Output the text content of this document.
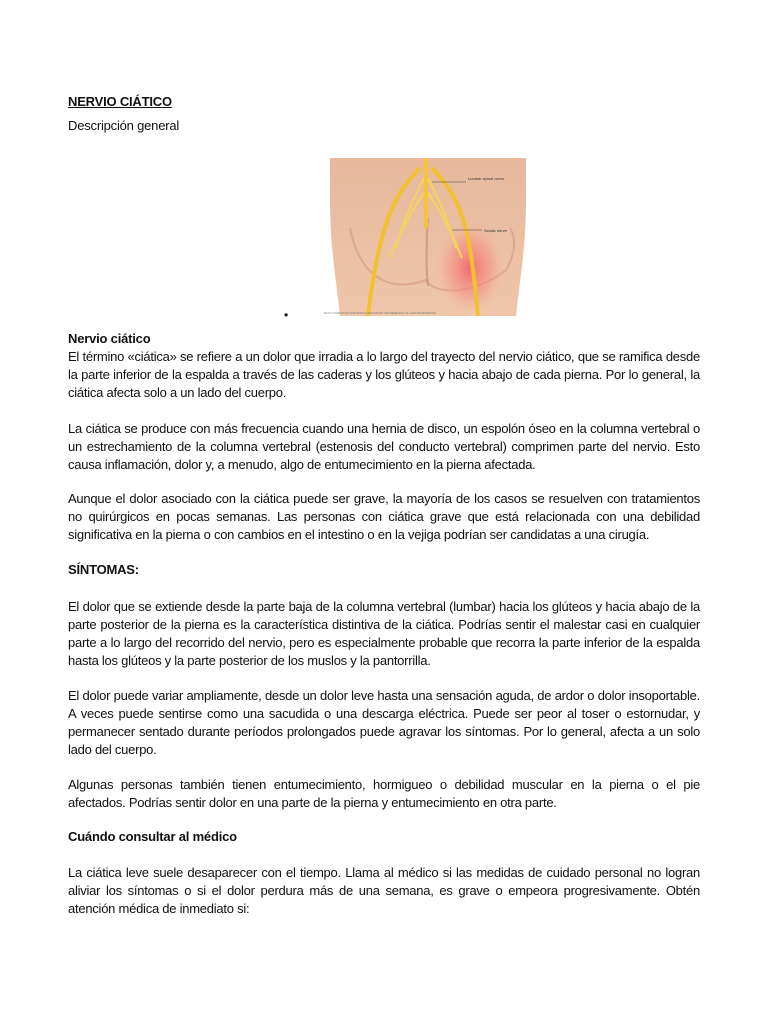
NERVIO CIÁTICO
Descripción general
Lumbar spinal nerve
Sciatic nerve
MAYO FOUNDATION FOR MEDICAL EDUCATION AND RESEARCH. ALL RIGHTS RESERVED.
•
Nervio ciático

El término «ciática» se refiere a un dolor que irradia a lo largo del trayecto del nervio ciático, que se ramifica desde la parte inferior de la espalda a través de las caderas y los glúteos y hacia abajo de cada pierna. Por lo general, la ciática afecta solo a un lado del cuerpo.

La ciática se produce con más frecuencia cuando una hernia de disco, un espolón óseo en la columna vertebral o un estrechamiento de la columna vertebral (estenosis del conducto vertebral) comprimen parte del nervio. Esto causa inflamación, dolor y, a menudo, algo de entumecimiento en la pierna afectada.

Aunque el dolor asociado con la ciática puede ser grave, la mayoría de los casos se resuelven con tratamientos no quirúrgicos en pocas semanas. Las personas con ciática grave que está relacionada con una debilidad significativa en la pierna o con cambios en el intestino o en la vejiga podrían ser candidatas a una cirugía.

SÍNTOMAS:

El dolor que se extiende desde la parte baja de la columna vertebral (lumbar) hacia los glúteos y hacia abajo de la parte posterior de la pierna es la característica distintiva de la ciática. Podrías sentir el malestar casi en cualquier parte a lo largo del recorrido del nervio, pero es especialmente probable que recorra la parte inferior de la espalda hasta los glúteos y la parte posterior de los muslos y la pantorrilla.

El dolor puede variar ampliamente, desde un dolor leve hasta una sensación aguda, de ardor o dolor insoportable. A veces puede sentirse como una sacudida o una descarga eléctrica. Puede ser peor al toser o estornudar, y permanecer sentado durante períodos prolongados puede agravar los síntomas. Por lo general, afecta a un solo lado del cuerpo.

Algunas personas también tienen entumecimiento, hormigueo o debilidad muscular en la pierna o el pie afectados. Podrías sentir dolor en una parte de la pierna y entumecimiento en otra parte.

Cuándo consultar al médico

La ciática leve suele desaparecer con el tiempo. Llama al médico si las medidas de cuidado personal no logran aliviar los síntomas o si el dolor perdura más de una semana, es grave o empeora progresivamente. Obtén atención médica de inmediato si:
